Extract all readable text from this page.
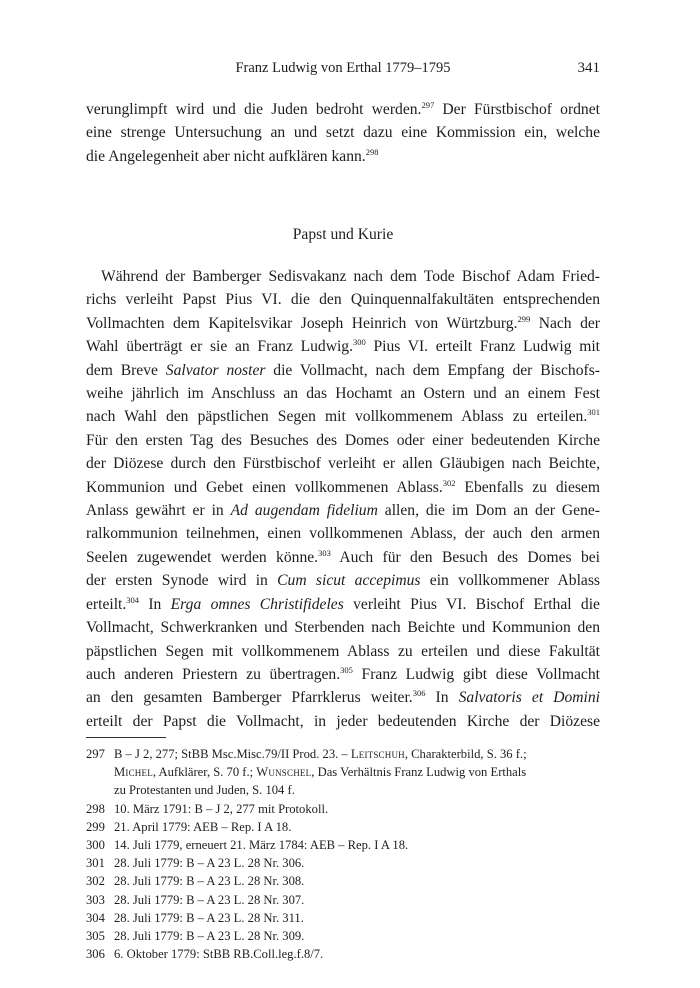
Franz Ludwig von Erthal 1779–1795	341
verunglimpft wird und die Juden bedroht werden.$^{297}$ Der Fürstbischof ordnet
eine strenge Untersuchung an und setzt dazu eine Kommission ein, welche
die Angelegenheit aber nicht aufklären kann.$^{298}$
Papst und Kurie
Während der Bamberger Sedisvakanz nach dem Tode Bischof Adam Fried-
richs verleiht Papst Pius VI. die den Quinquennalfakultäten entsprechenden
Vollmachten dem Kapitelsvikar Joseph Heinrich von Würtzburg.$^{299}$ Nach der
Wahl überträgt er sie an Franz Ludwig.$^{300}$ Pius VI. erteilt Franz Ludwig mit
dem Breve Salvator noster die Vollmacht, nach dem Empfang der Bischofs-
weihe jährlich im Anschluss an das Hochamt an Ostern und an einem Fest
nach Wahl den päpstlichen Segen mit vollkommenem Ablass zu erteilen.$^{301}$
Für den ersten Tag des Besuches des Domes oder einer bedeutenden Kirche
der Diözese durch den Fürstbischof verleiht er allen Gläubigen nach Beichte,
Kommunion und Gebet einen vollkommenen Ablass.$^{302}$ Ebenfalls zu diesem
Anlass gewährt er in Ad augendam fidelium allen, die im Dom an der Gene-
ralkommunion teilnehmen, einen vollkommenen Ablass, der auch den armen
Seelen zugewendet werden könne.$^{303}$ Auch für den Besuch des Domes bei
der ersten Synode wird in Cum sicut accepimus ein vollkommener Ablass
erteilt.$^{304}$ In Erga omnes Christifideles verleiht Pius VI. Bischof Erthal die
Vollmacht, Schwerkranken und Sterbenden nach Beichte und Kommunion den
päpstlichen Segen mit vollkommenem Ablass zu erteilen und diese Fakultät
auch anderen Priestern zu übertragen.$^{305}$ Franz Ludwig gibt diese Vollmacht
an den gesamten Bamberger Pfarrklerus weiter.$^{306}$ In Salvatoris et Domini
erteilt der Papst die Vollmacht, in jeder bedeutenden Kirche der Diözese
297 B – J 2, 277; StBB Msc.Misc.79/II Prod. 23. – Leitschuh, Charakterbild, S. 36 f.;
Michel, Aufklärer, S. 70 f.; Wunschel, Das Verhältnis Franz Ludwig von Erthals
zu Protestanten und Juden, S. 104 f.
298 10. März 1791: B – J 2, 277 mit Protokoll.
299 21. April 1779: AEB – Rep. I A 18.
300 14. Juli 1779, erneuert 21. März 1784: AEB – Rep. I A 18.
301 28. Juli 1779: B – A 23 L. 28 Nr. 306.
302 28. Juli 1779: B – A 23 L. 28 Nr. 308.
303 28. Juli 1779: B – A 23 L. 28 Nr. 307.
304 28. Juli 1779: B – A 23 L. 28 Nr. 311.
305 28. Juli 1779: B – A 23 L. 28 Nr. 309.
306 6. Oktober 1779: StBB RB.Coll.leg.f.8/7.
